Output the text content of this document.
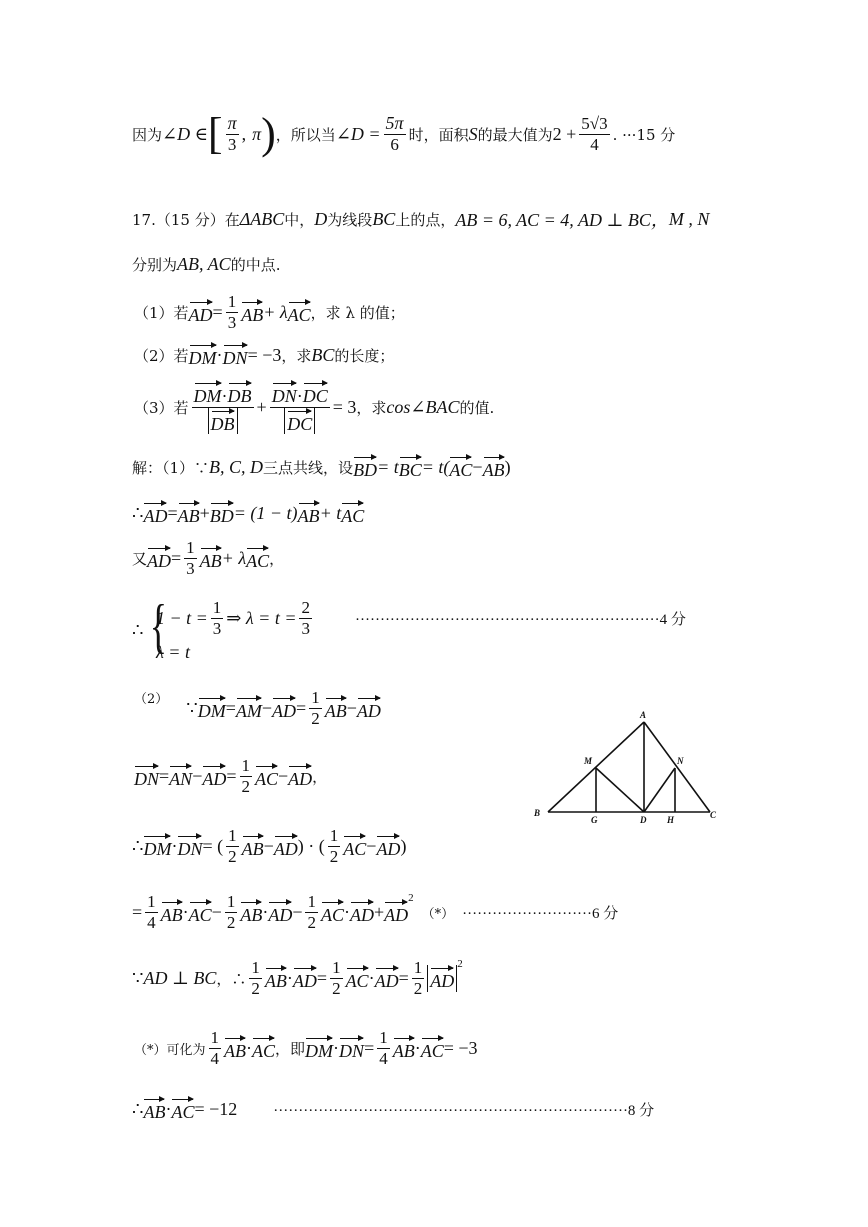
因为 ∠D ∈ [ $\frac{\pi}{3}$ , π ) ，所以当 ∠D = $\frac{5\pi}{6}$ 时，面积 S 的最大值为 $2 + \frac{5√3}{4}$ . ···15 分
17.（15 分）在 ΔABC 中， D 为线段 BC 上的点， AB = 6, AC = 4, AD ⊥ BC， M , N
分别为 AB, AC 的中点.
（1）若 AD = $\frac{1}{3}$ AB + λ AC ，求 λ 的值；
（2）若 DM · DN = −3 ，求 BC 的长度；
（3）若 $\frac{DM\cdot DB}{DB} + \frac{DN\cdot DC}{DC} = 3$ ，求 cos∠BAC 的值.
解：（1）∵ B, C, D 三点共线，设 BD = t BC = t( AC − AB )
∴ AD = AB + BD = (1 − t) AB + t AC
又 AD = $\frac{1}{3}$ AB + λ AC ，
∴ {
$1 - t = \frac{1}{3}$ ⇒ $\lambda = t = \frac{2}{3}$	·····························································4 分
λ = t
（2） ∵ DM = AM − AD = $\frac{1}{2}$ AB − AD
DN = AN − AD = $\frac{1}{2}$ AC − AD ，
A
B	C
M	N
G	D H
∴ DM · DN = ( $\frac{1}{2}$ AB − AD ) · ( $\frac{1}{2}$ AC − AD )
= $\frac{1}{4}$ AB · AC − $\frac{1}{2}$ AB · AD − $\frac{1}{2}$ AC · AD + AD
$^2$
（*） ··························6 分
∵ AD ⊥ BC ，∴ $\frac{1}{2}$ AB · AD = $\frac{1}{2}$ AC · AD = $\frac{1}{2}$ AD
$^2$
（*）可化为 $\frac{1}{4}$ AB · AC ，即 DM · DN = $\frac{1}{4}$ AB · AC = −3
∴ AB · AC = −12 ·······································································8 分
